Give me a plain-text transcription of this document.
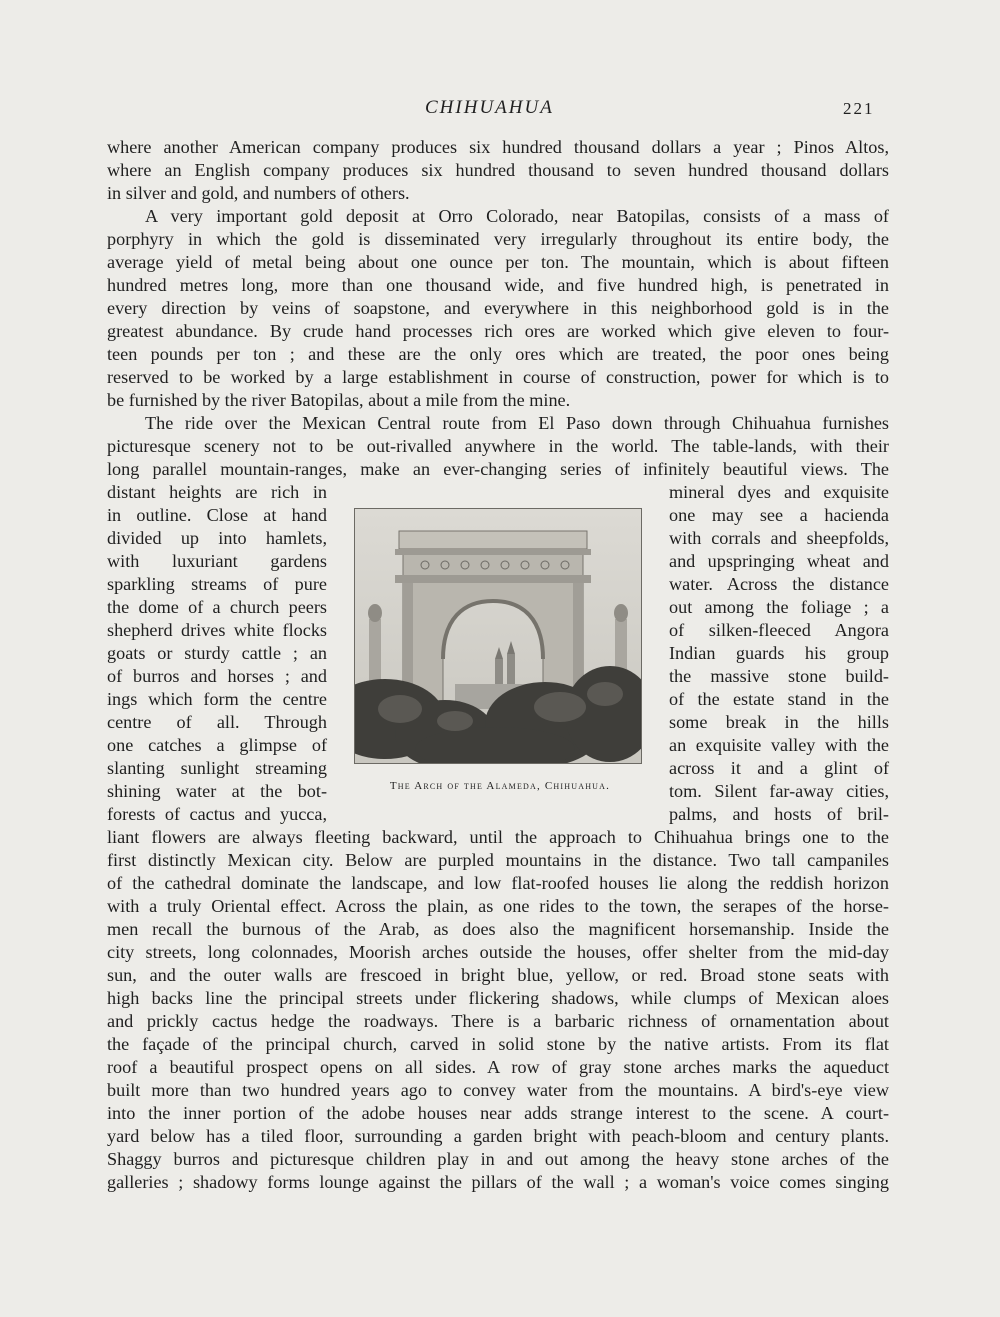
CHIHUAHUA	221
where another American company produces six hundred thousand dollars a year ; Pinos Altos,
where an English company produces six hundred thousand to seven hundred thousand dollars
in silver and gold, and numbers of others.
A very important gold deposit at Orro Colorado, near Batopilas, consists of a mass of
porphyry in which the gold is disseminated very irregularly throughout its entire body, the
average yield of metal being about one ounce per ton. The mountain, which is about fifteen
hundred metres long, more than one thousand wide, and five hundred high, is penetrated in
every direction by veins of soapstone, and everywhere in this neighborhood gold is in the
greatest abundance. By crude hand processes rich ores are worked which give eleven to four-
teen pounds per ton ; and these are the only ores which are treated, the poor ones being
reserved to be worked by a large establishment in course of construction, power for which is to
be furnished by the river Batopilas, about a mile from the mine.
The ride over the Mexican Central route from El Paso down through Chihuahua furnishes
picturesque scenery not to be out-rivalled anywhere in the world. The table-lands, with their
long parallel mountain-ranges, make an ever-changing series of infinitely beautiful views. The
distant heights are rich in
in outline. Close at hand
divided up into hamlets,
with luxuriant gardens
sparkling streams of pure
the dome of a church peers
shepherd drives white flocks
goats or sturdy cattle ; an
of burros and horses ; and
ings which form the centre
centre of all. Through
one catches a glimpse of
slanting sunlight streaming
shining water at the bot-
forests of cactus and yucca,
mineral dyes and exquisite
one may see a hacienda
with corrals and sheepfolds,
and upspringing wheat and
water. Across the distance
out among the foliage ; a
of silken-fleeced Angora
Indian guards his group
the massive stone build-
of the estate stand in the
some break in the hills
an exquisite valley with the
across it and a glint of
tom. Silent far-away cities,
palms, and hosts of bril-
The Arch of the Alameda, Chihuahua.
liant flowers are always fleeting backward, until the approach to Chihuahua brings one to the
first distinctly Mexican city. Below are purpled mountains in the distance. Two tall campaniles
of the cathedral dominate the landscape, and low flat-roofed houses lie along the reddish horizon
with a truly Oriental effect. Across the plain, as one rides to the town, the serapes of the horse-
men recall the burnous of the Arab, as does also the magnificent horsemanship. Inside the
city streets, long colonnades, Moorish arches outside the houses, offer shelter from the mid-day
sun, and the outer walls are frescoed in bright blue, yellow, or red. Broad stone seats with
high backs line the principal streets under flickering shadows, while clumps of Mexican aloes
and prickly cactus hedge the roadways. There is a barbaric richness of ornamentation about
the façade of the principal church, carved in solid stone by the native artists. From its flat
roof a beautiful prospect opens on all sides. A row of gray stone arches marks the aqueduct
built more than two hundred years ago to convey water from the mountains. A bird's-eye view
into the inner portion of the adobe houses near adds strange interest to the scene. A court-
yard below has a tiled floor, surrounding a garden bright with peach-bloom and century plants.
Shaggy burros and picturesque children play in and out among the heavy stone arches of the
galleries ; shadowy forms lounge against the pillars of the wall ; a woman's voice comes singing
